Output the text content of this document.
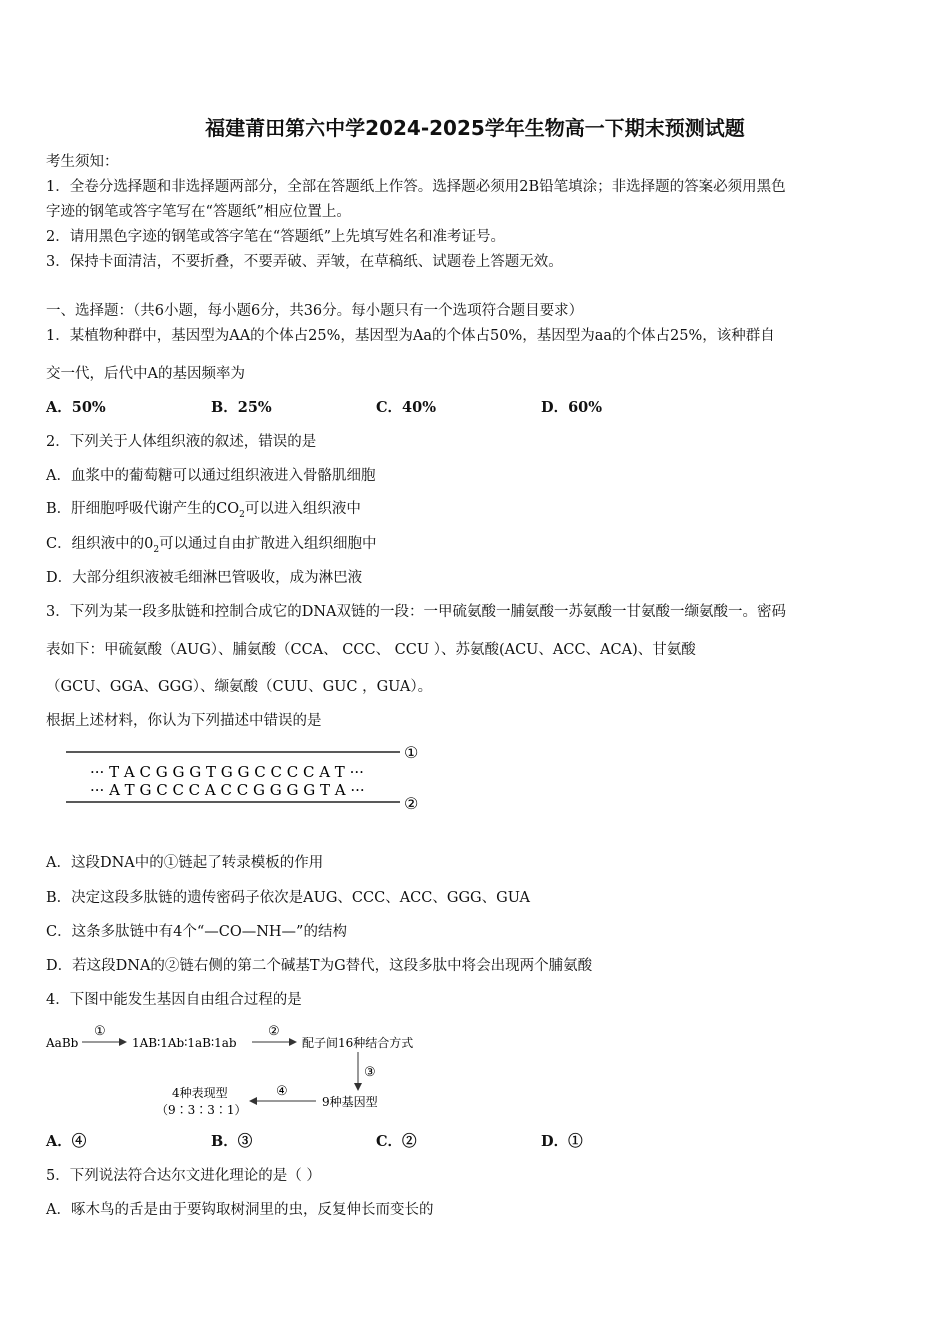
福建莆田第六中学2024-2025学年生物高一下期末预测试题
考生须知：
1．全卷分选择题和非选择题两部分，全部在答题纸上作答。选择题必须用2B铅笔填涂；非选择题的答案必须用黑色
字迹的钢笔或答字笔写在“答题纸”相应位置上。
2．请用黑色字迹的钢笔或答字笔在“答题纸”上先填写姓名和准考证号。
3．保持卡面清洁，不要折叠，不要弄破、弄皱，在草稿纸、试题卷上答题无效。
一、选择题：（共6小题，每小题6分，共36分。每小题只有一个选项符合题目要求）
1．某植物种群中，基因型为AA的个体占25%，基因型为Aa的个体占50%，基因型为aa的个体占25%，该种群自
交一代，后代中A的基因频率为
A．50%	B．25%	C．40%	D．60%
2．下列关于人体组织液的叙述，错误的是
A．血浆中的葡萄糖可以通过组织液进入骨骼肌细胞
B．肝细胞呼吸代谢产生的$CO_2$可以进入组织液中
C．组织液中的$0_2$可以通过自由扩散进入组织细胞中
D．大部分组织液被毛细淋巴管吸收，成为淋巴液
3．下列为某一段多肽链和控制合成它的DNA双链的一段：一甲硫氨酸一脯氨酸一苏氨酸一甘氨酸一缬氨酸一。密码
表如下：甲硫氨酸（AUG）、脯氨酸（CCA、 CCC、 CCU ）、苏氨酸(ACU、ACC、ACA)、甘氨酸
（GCU、GGA、GGG）、缬氨酸（CUU、GUC ，GUA）。
根据上述材料，你认为下列描述中错误的是
··· T A C G G G T G G C C C C A T ···
··· A T G C C C A C C G G G G T A ···
①
②
A．这段DNA中的①链起了转录模板的作用
B．决定这段多肽链的遗传密码子依次是AUG、CCC、ACC、GGG、GUA
C．这条多肽链中有4个“—CO—NH—”的结构
D．若这段DNA的②链右侧的第二个碱基T为G替代，这段多肽中将会出现两个脯氨酸
4．下图中能发生基因自由组合过程的是
AaBb
①
1AB∶1Ab∶1aB∶1ab
②
配子间16种结合方式
③
9种基因型
④
4种表现型
（9∶3∶3∶1）
A．④	B．③	C．②	D．①
5．下列说法符合达尔文进化理论的是（ ）
A．啄木鸟的舌是由于要钩取树洞里的虫，反复伸长而变长的
